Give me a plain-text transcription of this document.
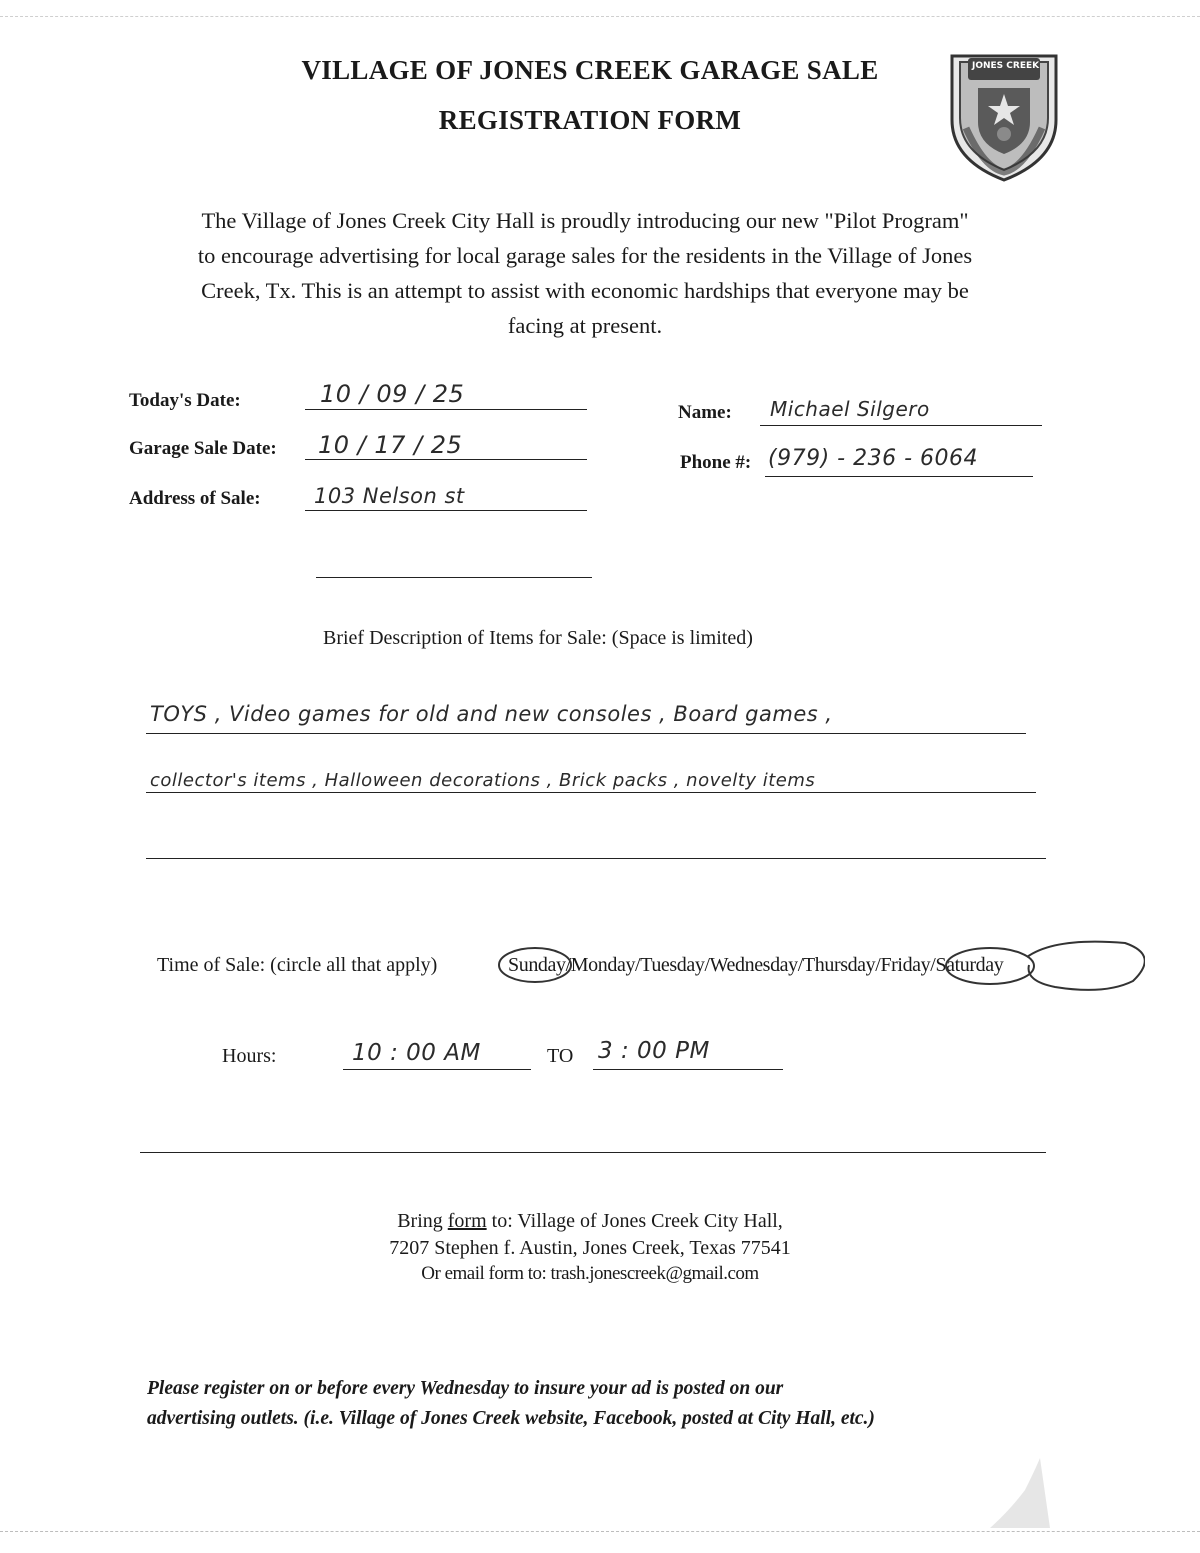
VILLAGE OF JONES CREEK GARAGE SALE
REGISTRATION FORM
JONES CREEK
The Village of Jones Creek City Hall is proudly introducing our new "Pilot Program"
to encourage advertising for local garage sales for the residents in the Village of Jones
Creek, Tx. This is an attempt to assist with economic hardships that everyone may be
facing at present.
Today's Date:	10 / 09 / 25
Garage Sale Date: 10 / 17 / 25
Address of Sale:	103 Nelson st
Name: Michael Silgero
Phone #: (979) - 236 - 6064
Brief Description of Items for Sale: (Space is limited)
TOYS , Video games for old and new consoles , Board games ,
collector's items , Halloween decorations , Brick packs , novelty items
Time of Sale: (circle all that apply)	Sunday/Monday/Tuesday/Wednesday/Thursday/Friday/Saturday
Hours:	10 : 00 AM	TO 3 : 00 PM
Bring form to: Village of Jones Creek City Hall,
7207 Stephen f. Austin, Jones Creek, Texas 77541
Or email form to: trash.jonescreek@gmail.com
Please register on or before every Wednesday to insure your ad is posted on our
advertising outlets. (i.e. Village of Jones Creek website, Facebook, posted at City Hall, etc.)
